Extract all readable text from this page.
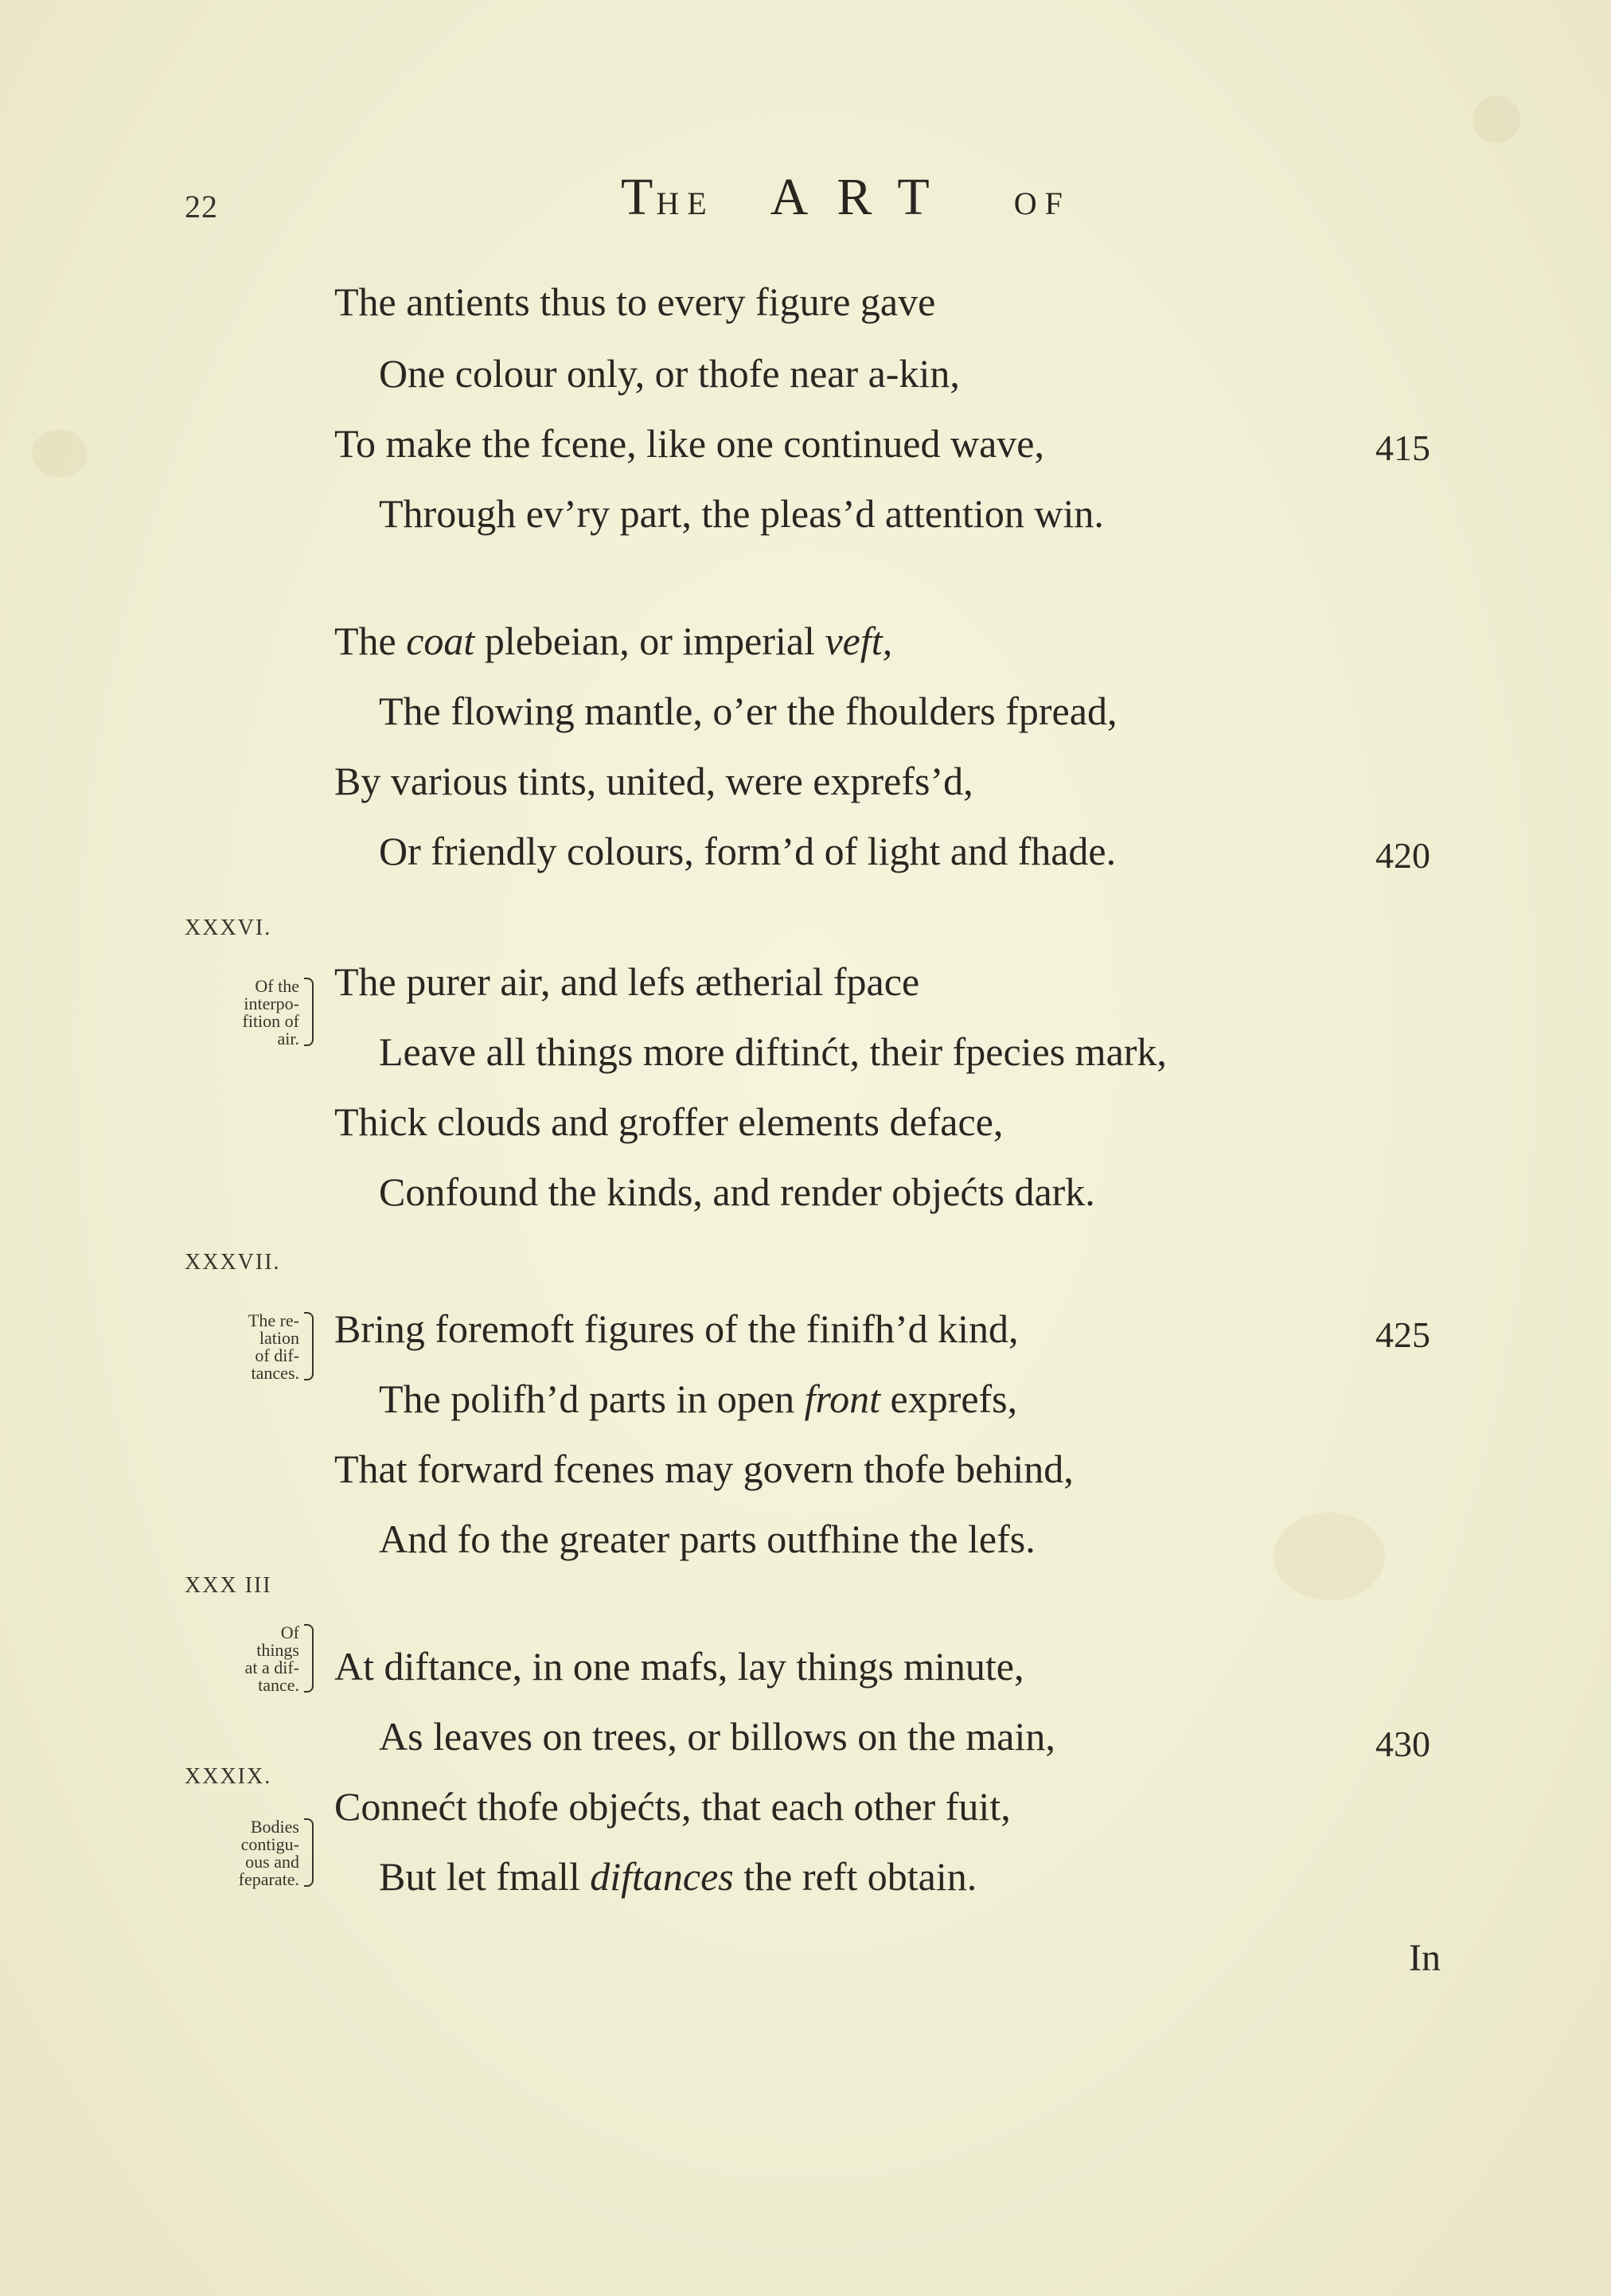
22	THE ART OF
The antients thus to every figure gave
One colour only, or thofe near a-kin,
To make the fcene, like one continued wave,	415
Through ev’ry part, the pleas’d attention win.
The coat plebeian, or imperial veft,
The flowing mantle, o’er the fhoulders fpread,
By various tints, united, were exprefs’d,
Or friendly colours, form’d of light and fhade.	420
XXXVI.
Of the
interpo-
fition of
air.
The purer air, and lefs ætherial fpace
Leave all things more diftinćt, their fpecies mark,
Thick clouds and groffer elements deface,
Confound the kinds, and render objećts dark.
XXXVII.
The re-
lation
of dif-
tances.
Bring foremoft figures of the finifh’d kind,	425
The polifh’d parts in open front exprefs,
That forward fcenes may govern thofe behind,
And fo the greater parts outfhine the lefs.
XXX III
Of
things
at a dif-
tance. At diftance, in one mafs, lay things minute,
As leaves on trees, or billows on the main,	430
Connećt thofe objećts, that each other fuit,
But let fmall diftances the reft obtain.
XXXIX.
Bodies
contigu-
ous and
feparate.
In
